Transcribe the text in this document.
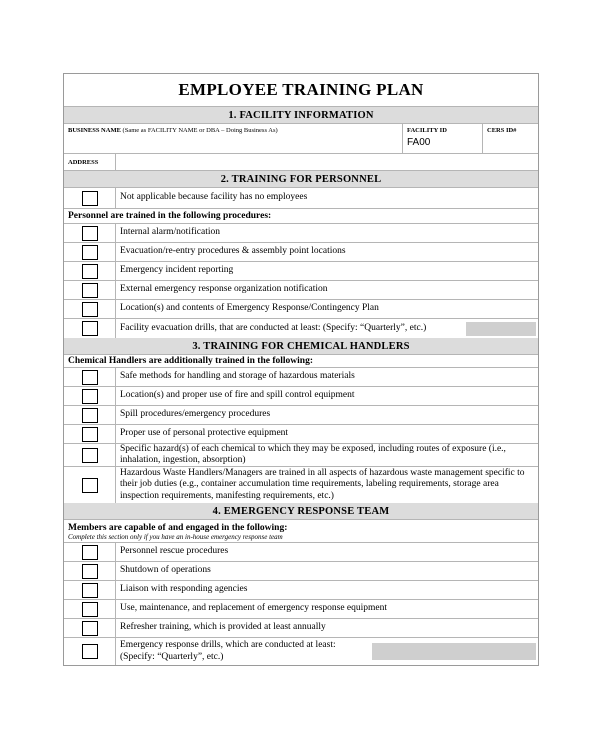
EMPLOYEE TRAINING PLAN
1. FACILITY INFORMATION
BUSINESS NAME (Same as FACILITY NAME or DBA – Doing Business As)	FACILITY ID
FA00
CERS ID#
ADDRESS
2. TRAINING FOR PERSONNEL
Not applicable because facility has no employees
Personnel are trained in the following procedures:
Internal alarm/notification
Evacuation/re-entry procedures & assembly point locations
Emergency incident reporting
External emergency response organization notification
Location(s) and contents of Emergency Response/Contingency Plan
Facility evacuation drills, that are conducted at least: (Specify: “Quarterly”, etc.)
3. TRAINING FOR CHEMICAL HANDLERS
Chemical Handlers are additionally trained in the following:
Safe methods for handling and storage of hazardous materials
Location(s) and proper use of fire and spill control equipment
Spill procedures/emergency procedures
Proper use of personal protective equipment
Specific hazard(s) of each chemical to which they may be exposed, including routes of exposure (i.e., inhalation, ingestion, absorption)
Hazardous Waste Handlers/Managers are trained in all aspects of hazardous waste management specific to their job duties (e.g., container accumulation time requirements, labeling requirements, storage area inspection requirements, manifesting requirements, etc.)
4. EMERGENCY RESPONSE TEAM
Members are capable of and engaged in the following:
Complete this section only if you have an in-house emergency response team
Personnel rescue procedures
Shutdown of operations
Liaison with responding agencies
Use, maintenance, and replacement of emergency response equipment
Refresher training, which is provided at least annually
Emergency response drills, which are conducted at least: (Specify: “Quarterly”, etc.)
